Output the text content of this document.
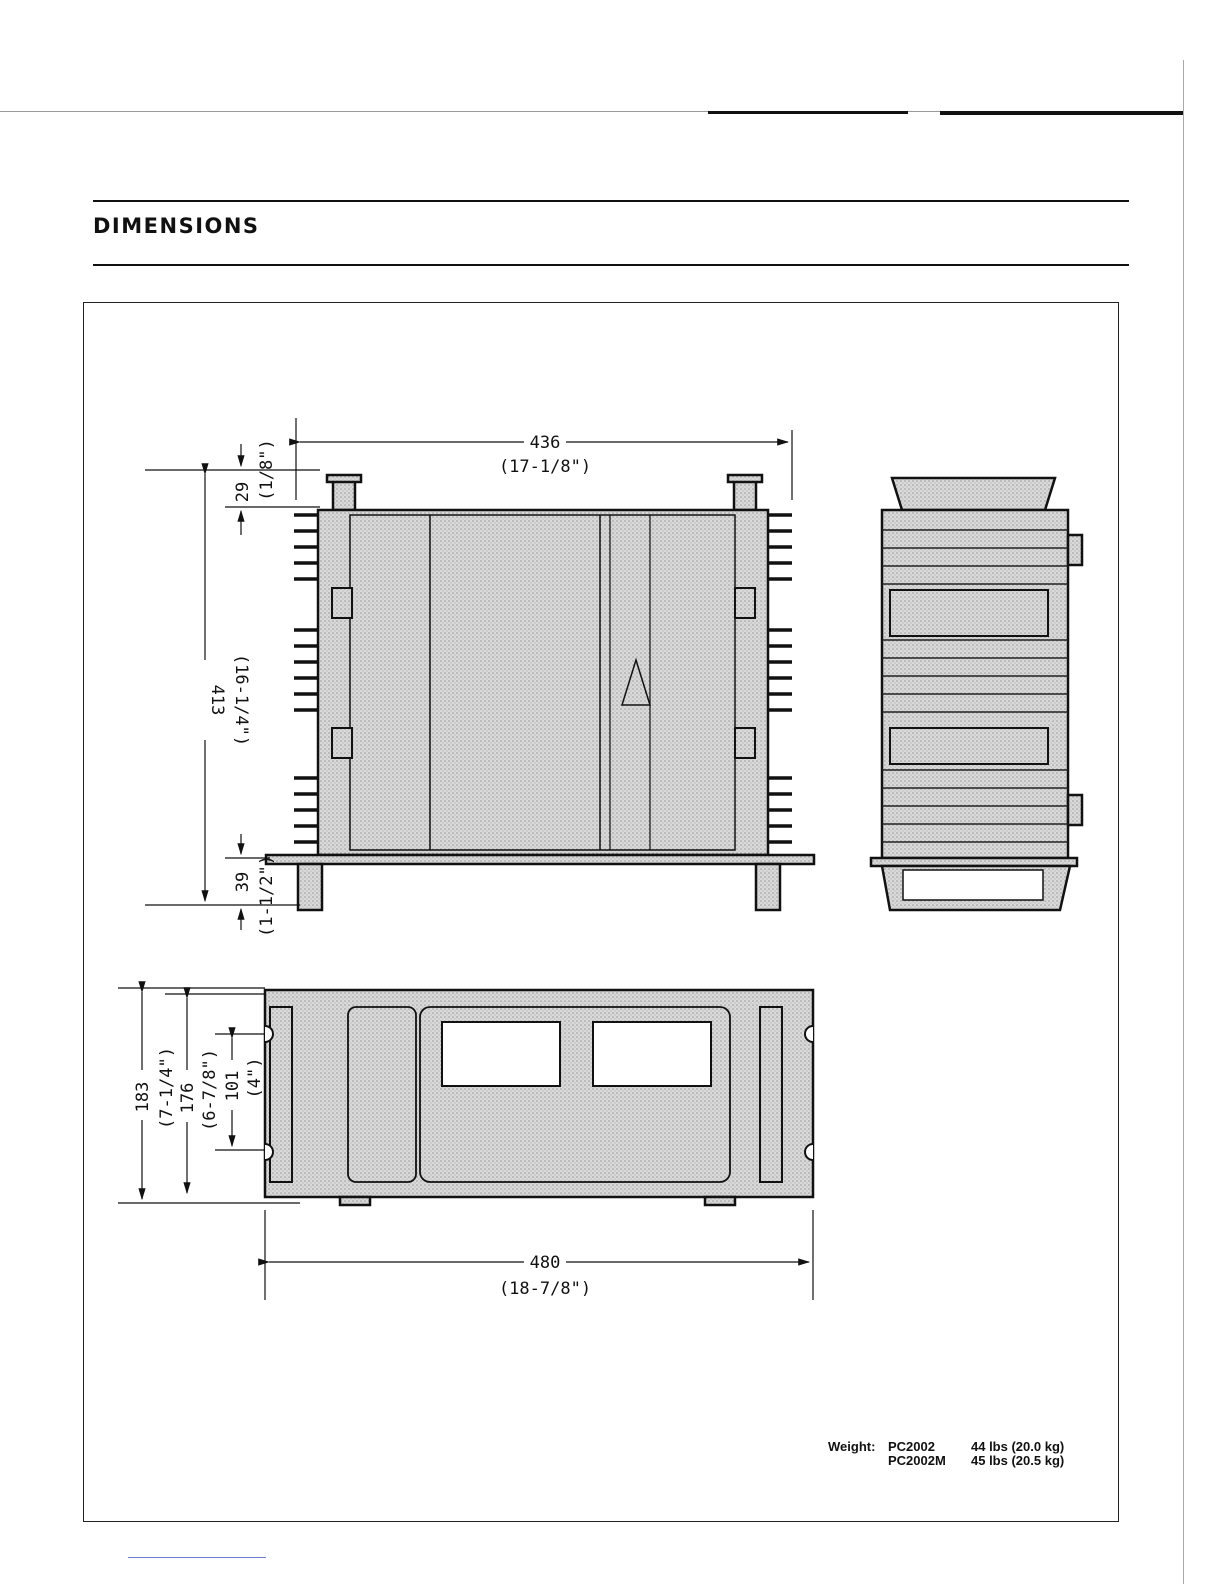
DIMENSIONS
436
(17-1/8")
413 (16-1/4")
29 (1/8")
39 (1-1/2")
183 (7-1/4") 176 (6-7/8") 101 (4")
480
(18-7/8")
Weight: PC2002	44 lbs (20.0 kg)
PC2002M 45 lbs (20.5 kg)
